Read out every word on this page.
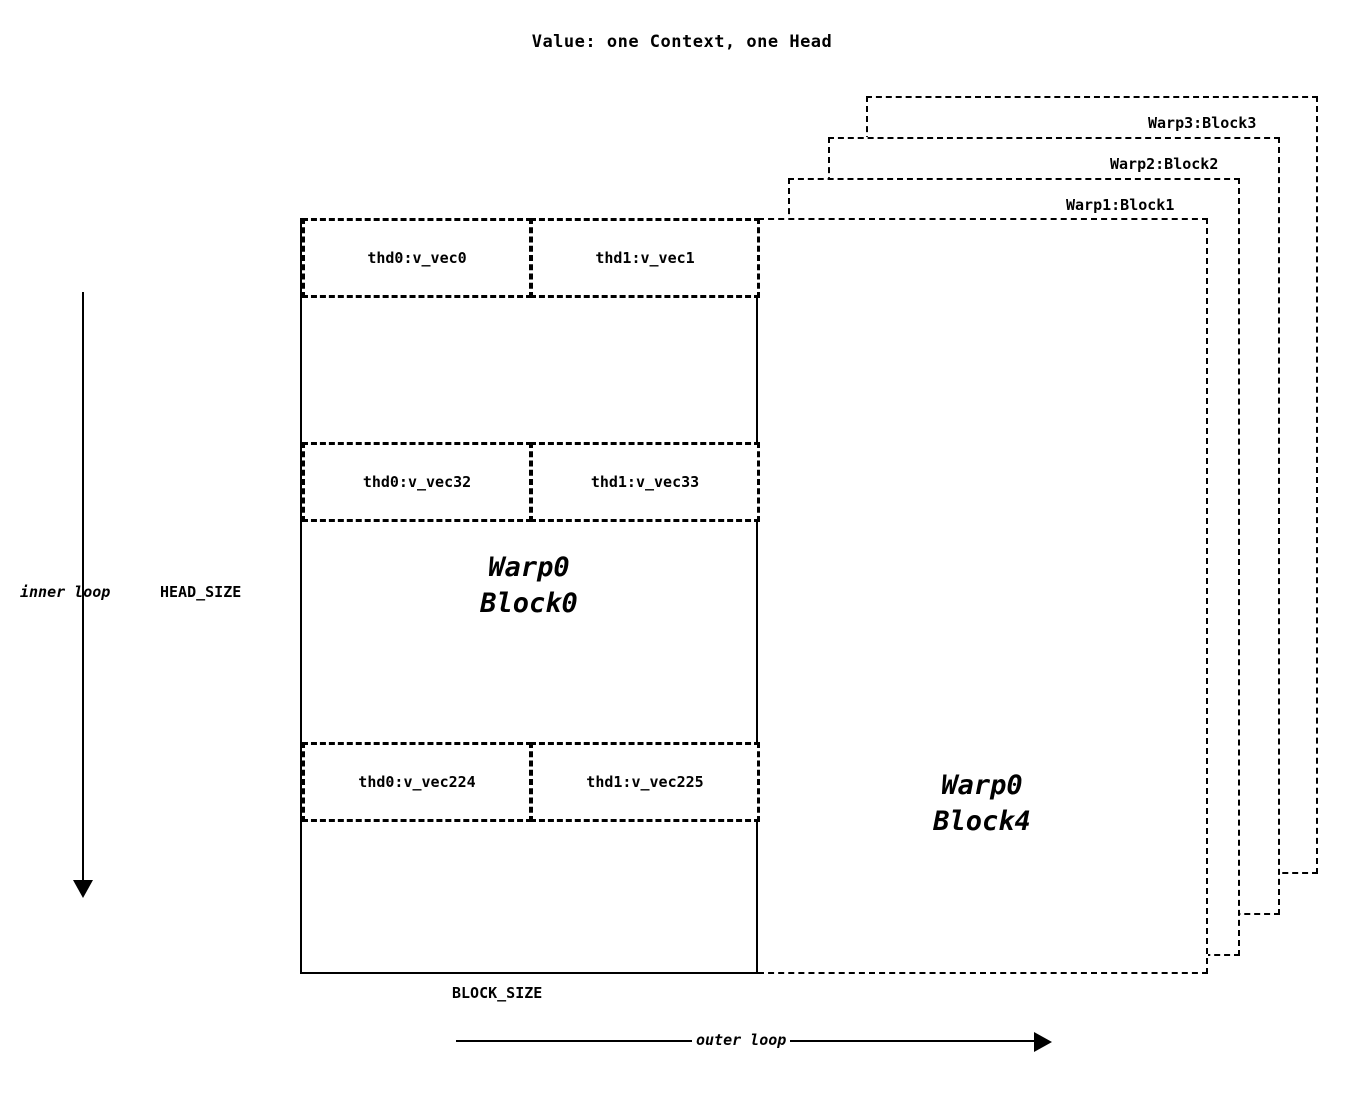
Value: one Context, one Head
Warp3:Block3
Warp2:Block2
Warp1:Block1
Warp0
Block4
thd0:v_vec0	thd1:v_vec1
thd0:v_vec32	thd1:v_vec33
Warp0
Block0
thd0:v_vec224	thd1:v_vec225
inner loop	HEAD_SIZE
BLOCK_SIZE
outer loop
